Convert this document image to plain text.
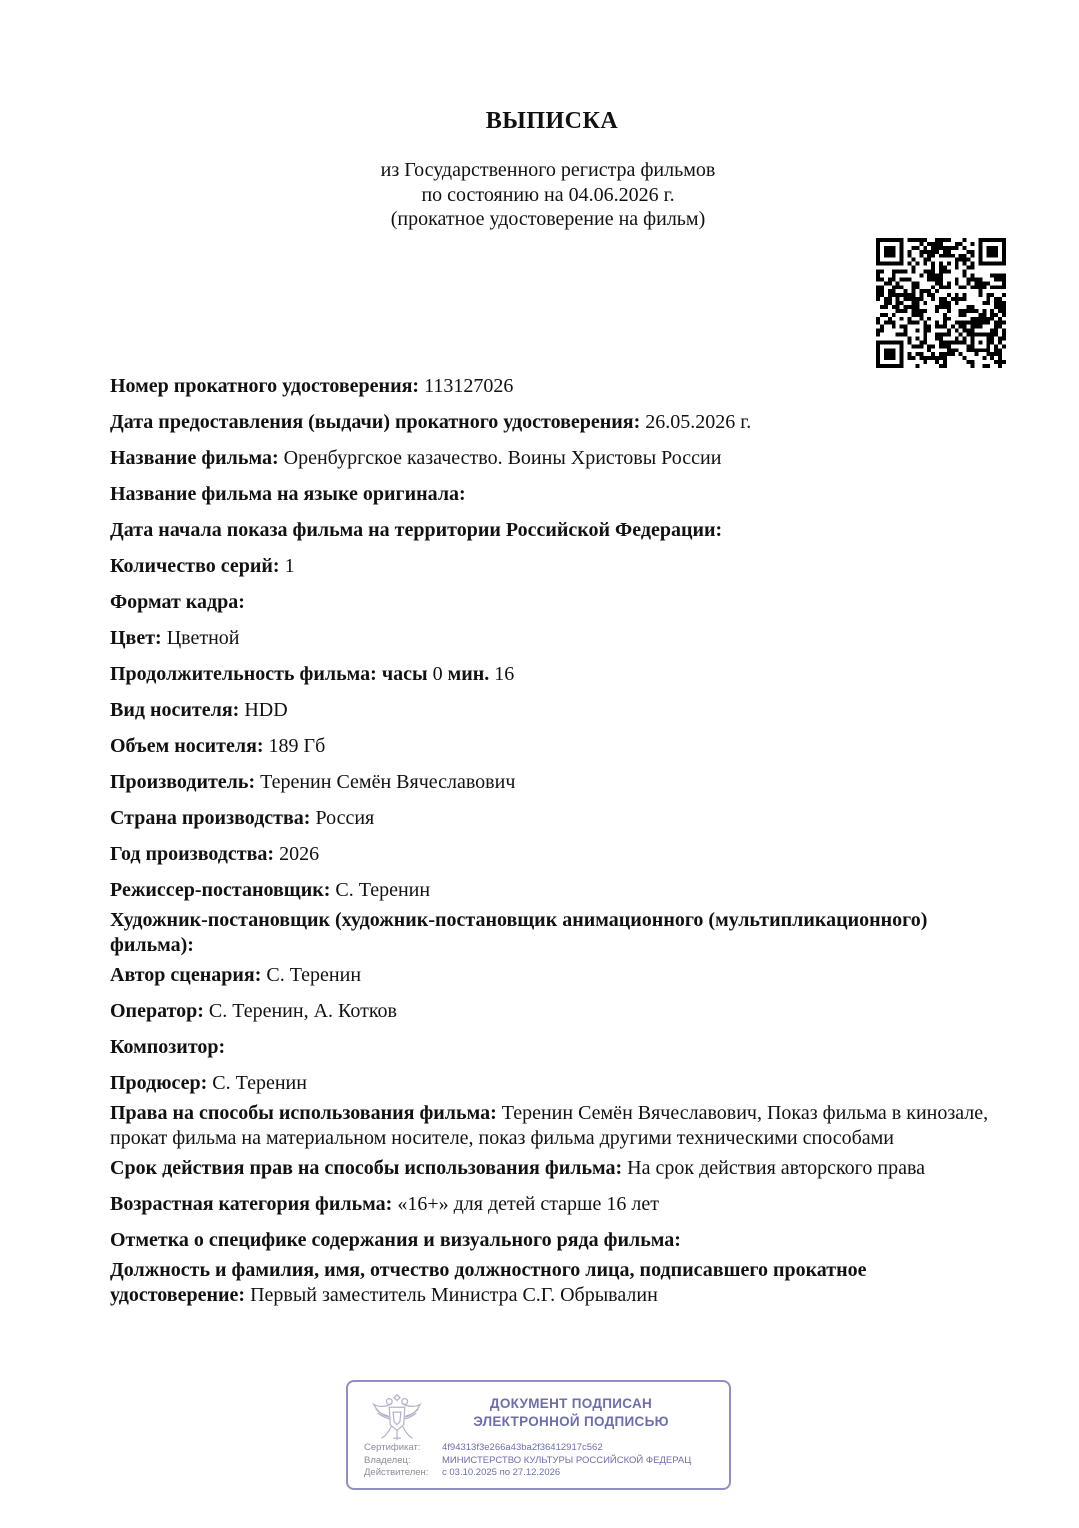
ВЫПИСКА
из Государственного регистра фильмов
по состоянию на 04.06.2026 г.
(прокатное удостоверение на фильм)
Номер прокатного удостоверения: 113127026
Дата предоставления (выдачи) прокатного удостоверения: 26.05.2026 г.
Название фильма: Оренбургское казачество. Воины Христовы России
Название фильма на языке оригинала:
Дата начала показа фильма на территории Российской Федерации:
Количество серий: 1
Формат кадра:
Цвет: Цветной
Продолжительность фильма: часы 0 мин. 16
Вид носителя: HDD
Объем носителя: 189 Гб
Производитель: Теренин Семён Вячеславович
Страна производства: Россия
Год производства: 2026
Режиссер-постановщик: С. Теренин
Художник-постановщик (художник-постановщик анимационного (мультипликационного) фильма):
Автор сценария: С. Теренин
Оператор: С. Теренин, А. Котков
Композитор:
Продюсер: С. Теренин
Права на способы использования фильма: Теренин Семён Вячеславович, Показ фильма в кинозале, прокат фильма на материальном носителе, показ фильма другими техническими способами
Срок действия прав на способы использования фильма: На срок действия авторского права
Возрастная категория фильма: «16+» для детей старше 16 лет
Отметка о специфике содержания и визуального ряда фильма:
Должность и фамилия, имя, отчество должностного лица, подписавшего прокатное удостоверение: Первый заместитель Министра С.Г. Обрывалин
ДОКУМЕНТ ПОДПИСАН
ЭЛЕКТРОННОЙ ПОДПИСЬЮ
Сертификат:	4f94313f3e266a43ba2f36412917c562
Владелец:	МИНИСТЕРСТВО КУЛЬТУРЫ РОССИЙСКОЙ ФЕДЕРАЦ
Действителен:	с 03.10.2025 по 27.12.2026
